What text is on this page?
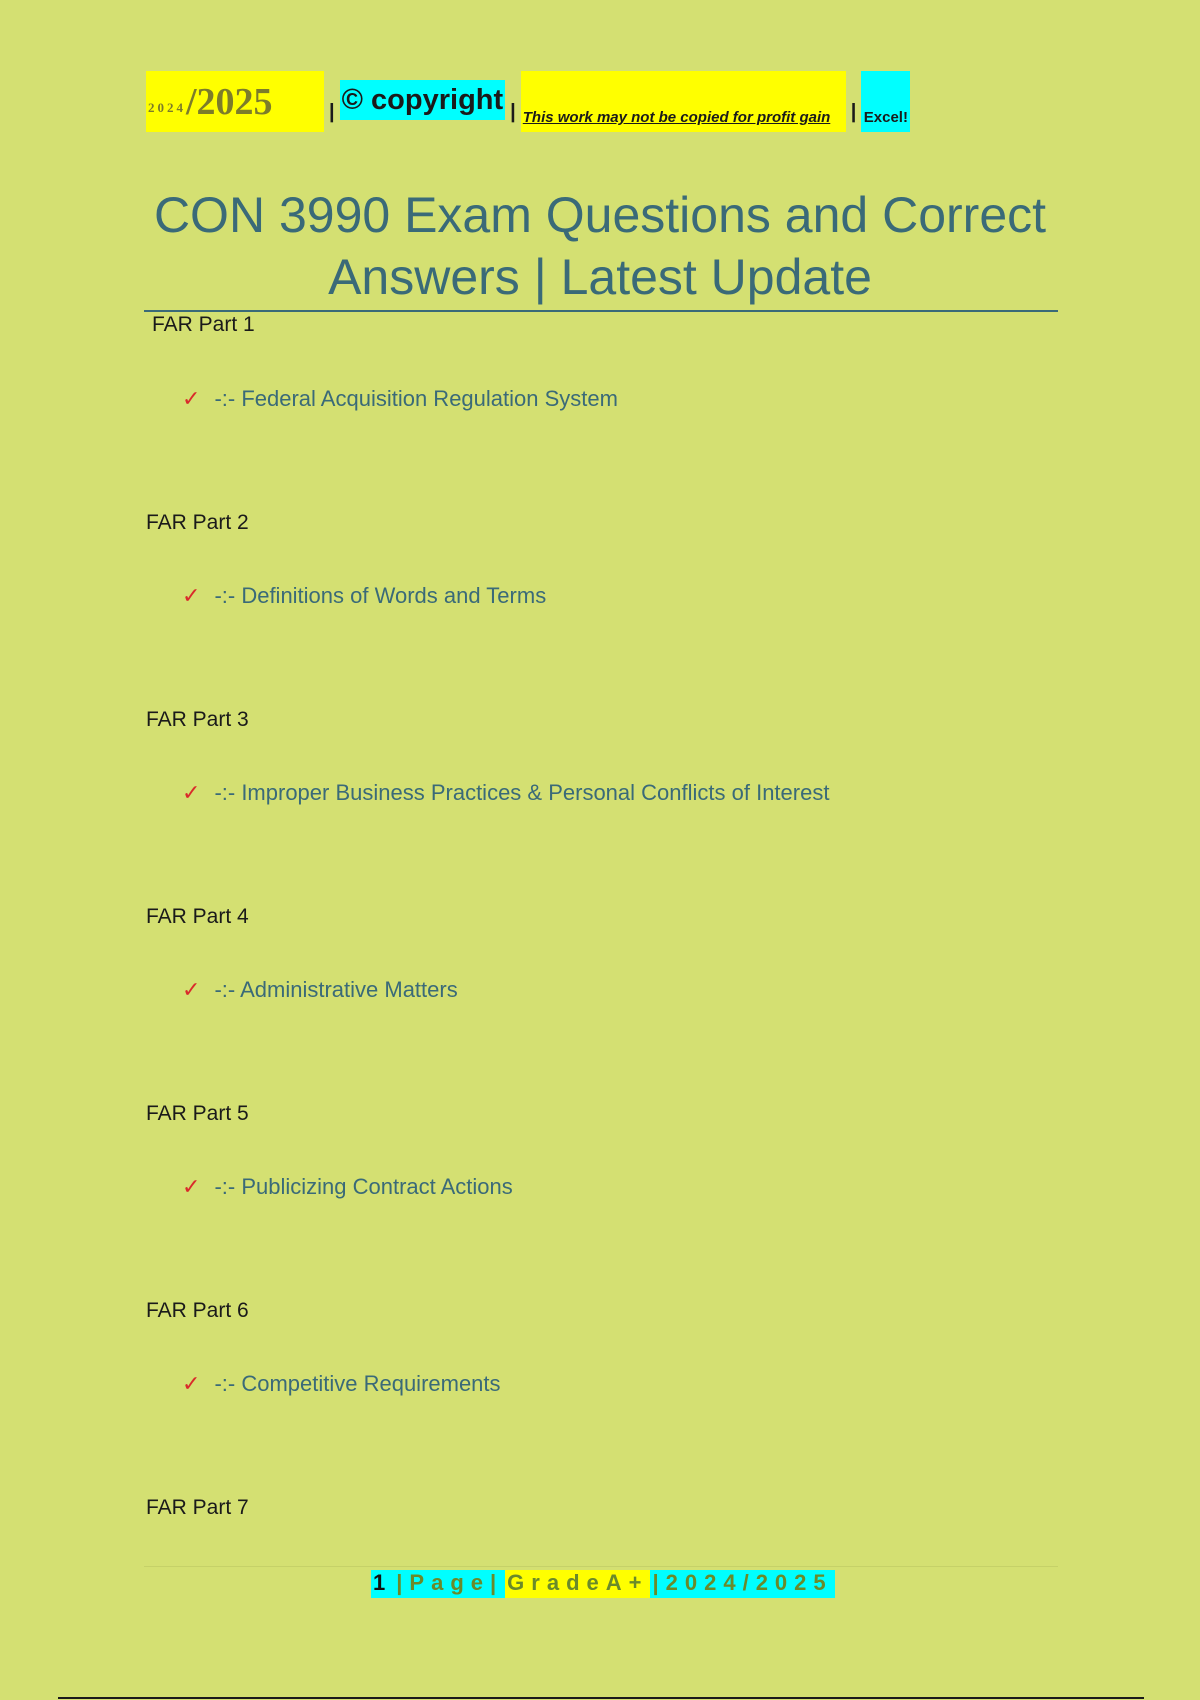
2024 /2025	| © copyright | This work may not be copied for profit gain	| Excel!
CON 3990 Exam Questions and Correct Answers | Latest Update
FAR Part 1
✓ -:- Federal Acquisition Regulation System
FAR Part 2
✓ -:- Definitions of Words and Terms
FAR Part 3
✓ -:- Improper Business Practices & Personal Conflicts of Interest
FAR Part 4
✓ -:- Administrative Matters
FAR Part 5
✓ -:- Publicizing Contract Actions
FAR Part 6
✓ -:- Competitive Requirements
FAR Part 7
1 |Page| GradeA+ |2024/2025
